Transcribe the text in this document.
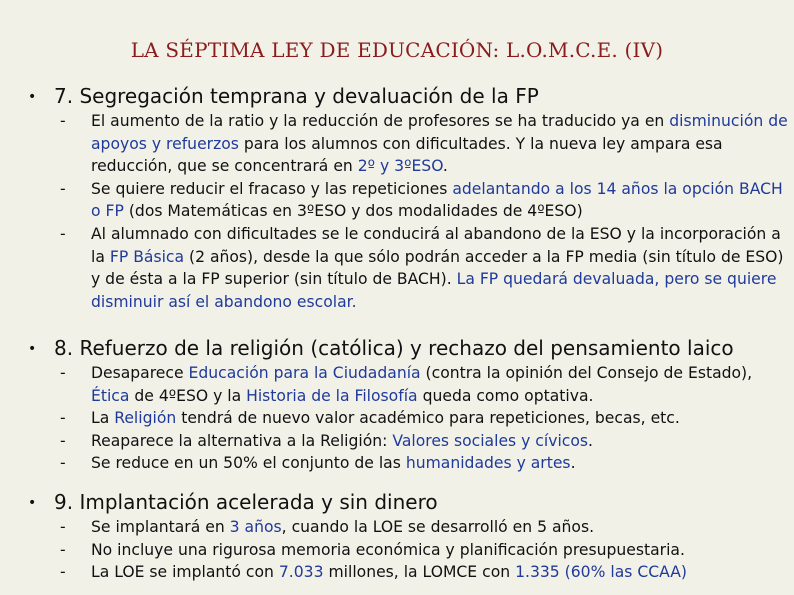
LA SÉPTIMA LEY DE EDUCACIÓN: L.O.M.C.E. (IV)
• 7. Segregación temprana y devaluación de la FP
- El aumento de la ratio y la reducción de profesores se ha traducido ya en disminución de apoyos y refuerzos para los alumnos con dificultades. Y la nueva ley ampara esa reducción, que se concentrará en 2º y 3ºESO.
- Se quiere reducir el fracaso y las repeticiones adelantando a los 14 años la opción BACH o FP (dos Matemáticas en 3ºESO y dos modalidades de 4ºESO)
- Al alumnado con dificultades se le conducirá al abandono de la ESO y la incorporación a la FP Básica (2 años), desde la que sólo podrán acceder a la FP media (sin título de ESO) y de ésta a la FP superior (sin título de BACH). La FP quedará devaluada, pero se quiere disminuir así el abandono escolar.
• 8. Refuerzo de la religión (católica) y rechazo del pensamiento laico
- Desaparece Educación para la Ciudadanía (contra la opinión del Consejo de Estado), Ética de 4ºESO y la Historia de la Filosofía queda como optativa.
- La Religión tendrá de nuevo valor académico para repeticiones, becas, etc.
- Reaparece la alternativa a la Religión: Valores sociales y cívicos.
- Se reduce en un 50% el conjunto de las humanidades y artes.
• 9. Implantación acelerada y sin dinero
- Se implantará en 3 años, cuando la LOE se desarrolló en 5 años.
- No incluye una rigurosa memoria económica y planificación presupuestaria.
- La LOE se implantó con 7.033 millones, la LOMCE con 1.335 (60% las CCAA)
